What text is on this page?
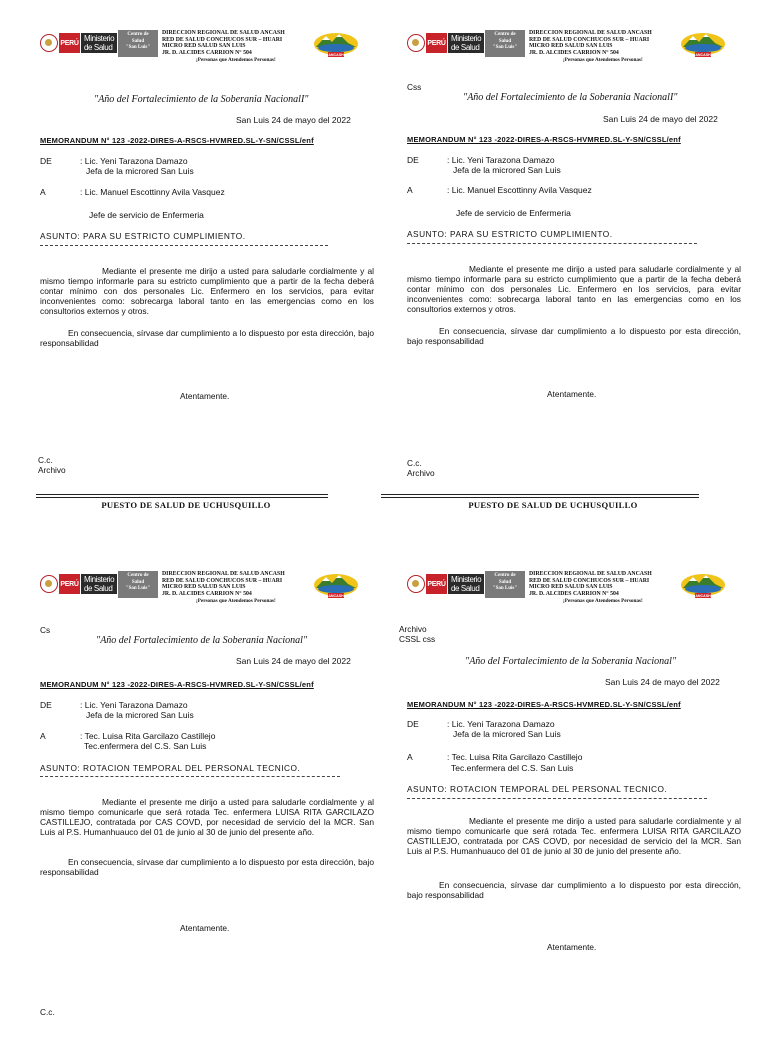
PERÚ Ministerio
de Salud
Centro de
Salud
"San Luis"
DIRECCION REGIONAL DE SALUD ANCASH
RED DE SALUD CONCHUCOS SUR – HUARI
MICRO RED SALUD SAN LUIS
JR. D. ALCIDES CARRION N° 504
¡Personas que Atendemos Personas!
ANCASH
"Año del Fortalecimiento de la Soberania NacionalI"
San Luis 24 de mayo del 2022
MEMORANDUM N° 123 -2022-DIRES-A-RSCS-HVMRED.SL-Y-SN/CSSL/enf
DE	: Lic. Yeni Tarazona Damazo
Jefa de la microred San Luis
A	: Lic. Manuel Escottinny Avila Vasquez
Jefe de servicio de Enfermeria
ASUNTO: PARA SU ESTRICTO CUMPLIMIENTO.
Mediante el presente me dirijo a usted para saludarle cordialmente y al mismo tiempo informarle para su estricto cumplimiento que a partir de la fecha deberá contar mínimo con dos personales Lic. Enfermero en los servicios, para evitar inconvenientes como: sobrecarga laboral tanto en las emergencias como en los consultorios externos y otros.
En consecuencia, sírvase dar cumplimiento a lo dispuesto por esta dirección, bajo responsabilidad
Atentamente.
C.c.
Archivo
PUESTO DE SALUD DE UCHUSQUILLO
PERÚ Ministerio
de Salud
Centro de
Salud
"San Luis"
DIRECCION REGIONAL DE SALUD ANCASH
RED DE SALUD CONCHUCOS SUR – HUARI
MICRO RED SALUD SAN LUIS
JR. D. ALCIDES CARRION N° 504
¡Personas que Atendemos Personas!
ANCASH
Css
"Año del Fortalecimiento de la Soberania NacionalI"
San Luis 24 de mayo del 2022
MEMORANDUM N° 123 -2022-DIRES-A-RSCS-HVMRED.SL-Y-SN/CSSL/enf
DE	: Lic. Yeni Tarazona Damazo
Jefa de la microred San Luis
A	: Lic. Manuel Escottinny Avila Vasquez
Jefe de servicio de Enfermeria
ASUNTO: PARA SU ESTRICTO CUMPLIMIENTO.
Mediante el presente me dirijo a usted para saludarle cordialmente y al mismo tiempo informarle para su estricto cumplimiento que a partir de la fecha deberá contar mínimo con dos personales Lic. Enfermero en los servicios, para evitar inconvenientes como: sobrecarga laboral tanto en las emergencias como en los consultorios externos y otros.
En consecuencia, sírvase dar cumplimiento a lo dispuesto por esta dirección, bajo responsabilidad
Atentamente.
C.c.
Archivo
PUESTO DE SALUD DE UCHUSQUILLO
PERÚ Ministerio
de Salud
Centro de
Salud
"San Luis"
DIRECCION REGIONAL DE SALUD ANCASH
RED DE SALUD CONCHUCOS SUR – HUARI
MICRO RED SALUD SAN LUIS
JR. D. ALCIDES CARRION N° 504
¡Personas que Atendemos Personas!
ANCASH
Cs
"Año del Fortalecimiento de la Soberania Nacional"
San Luis 24 de mayo del 2022
MEMORANDUM N° 123 -2022-DIRES-A-RSCS-HVMRED.SL-Y-SN/CSSL/enf
DE	: Lic. Yeni Tarazona Damazo
Jefa de la microred San Luis
A	: Tec. Luisa Rita Garcilazo Castillejo
Tec.enfermera del C.S. San Luis
ASUNTO: ROTACION TEMPORAL DEL PERSONAL TECNICO.
Mediante el presente me dirijo a usted para saludarle cordialmente y al mismo tiempo comunicarle que será rotada Tec. enfermera LUISA RITA GARCILAZO CASTILLEJO, contratada por CAS COVD, por necesidad de servicio del la MCR. San Luis al P.S. Humanhuauco del 01 de junio al 30 de junio del presente año.
En consecuencia, sírvase dar cumplimiento a lo dispuesto por esta dirección, bajo responsabilidad
Atentamente.
C.c.
PERÚ Ministerio
de Salud
Centro de
Salud
"San Luis"
DIRECCION REGIONAL DE SALUD ANCASH
RED DE SALUD CONCHUCOS SUR – HUARI
MICRO RED SALUD SAN LUIS
JR. D. ALCIDES CARRION N° 504
¡Personas que Atendemos Personas!
ANCASH
Archivo
CSSL css
"Año del Fortalecimiento de la Soberania Nacional"
San Luis 24 de mayo del 2022
MEMORANDUM N° 123 -2022-DIRES-A-RSCS-HVMRED.SL-Y-SN/CSSL/enf
DE	: Lic. Yeni Tarazona Damazo
Jefa de la microred San Luis
A	: Tec. Luisa Rita Garcilazo Castillejo
Tec.enfermera del C.S. San Luis
ASUNTO: ROTACION TEMPORAL DEL PERSONAL TECNICO.
Mediante el presente me dirijo a usted para saludarle cordialmente y al mismo tiempo comunicarle que será rotada Tec. enfermera LUISA RITA GARCILAZO CASTILLEJO, contratada por CAS COVD, por necesidad de servicio del la MCR. San Luis al P.S. Humanhuauco del 01 de junio al 30 de junio del presente año.
En consecuencia, sírvase dar cumplimiento a lo dispuesto por esta dirección, bajo responsabilidad
Atentamente.
